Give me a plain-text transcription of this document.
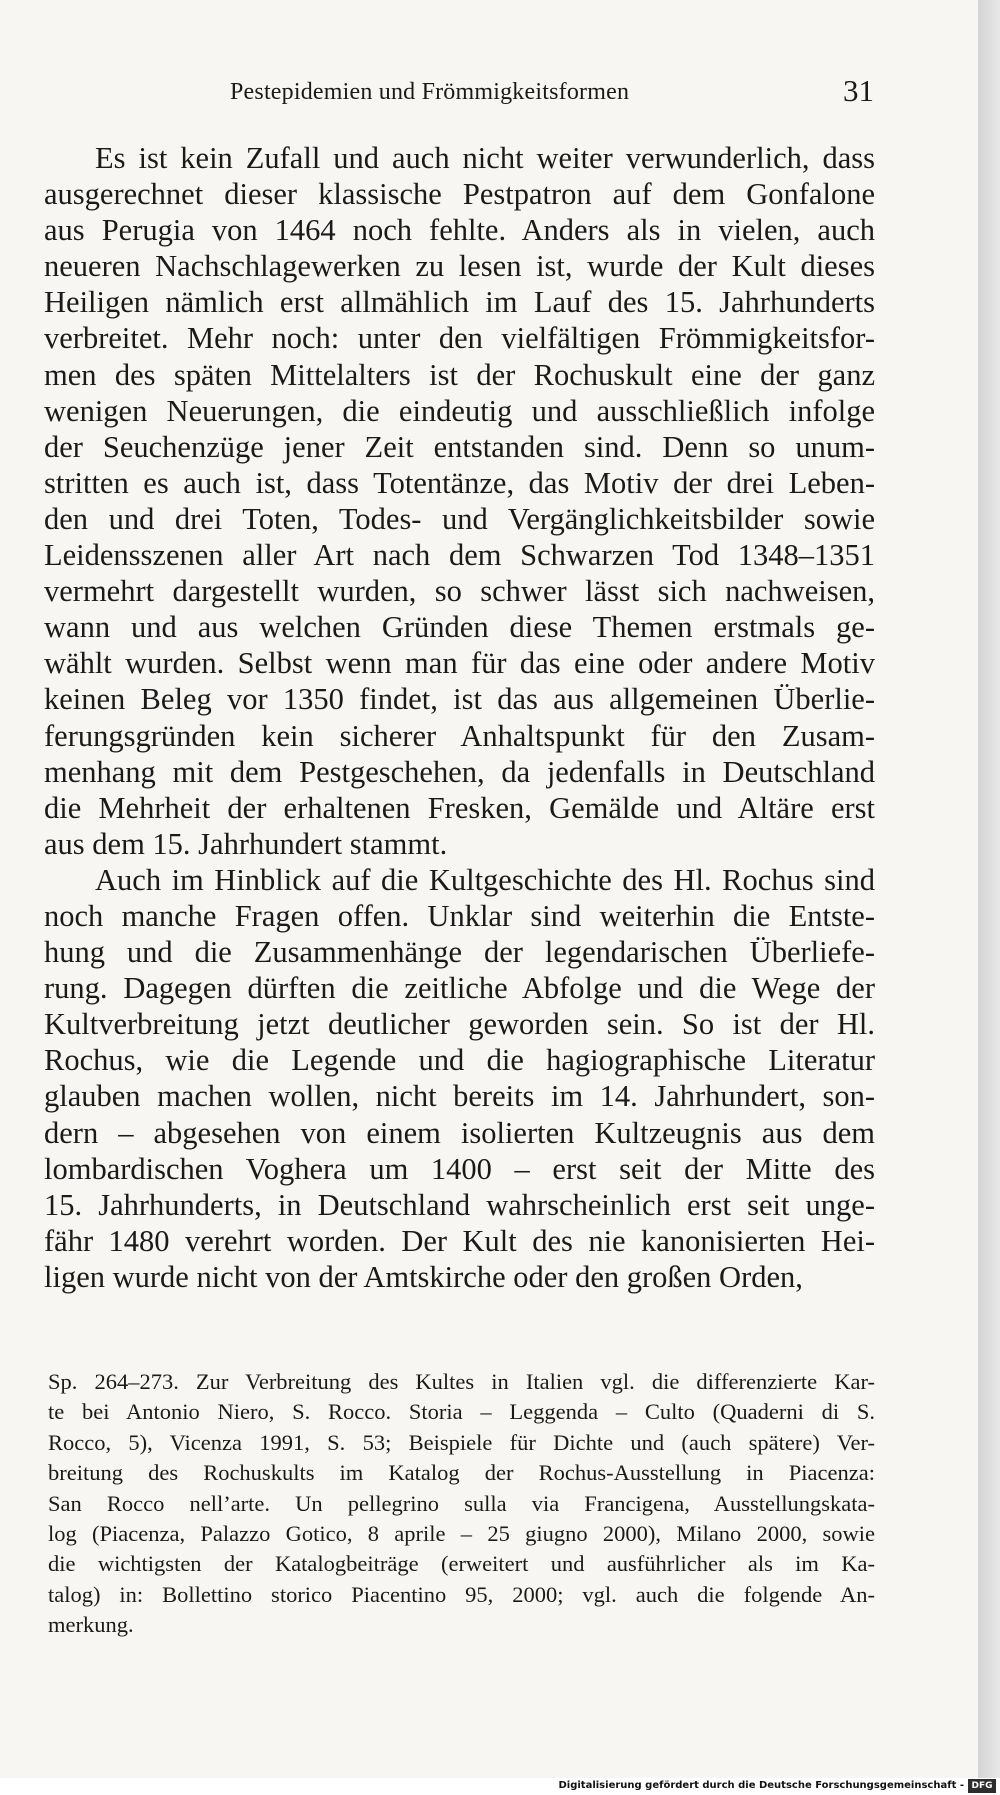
Pestepidemien und Frömmigkeitsformen	31

Es ist kein Zufall und auch nicht weiter verwunderlich, dass
ausgerechnet dieser klassische Pestpatron auf dem Gonfalone
aus Perugia von 1464 noch fehlte. Anders als in vielen, auch
neueren Nachschlagewerken zu lesen ist, wurde der Kult dieses
Heiligen nämlich erst allmählich im Lauf des 15. Jahrhunderts
verbreitet. Mehr noch: unter den vielfältigen Frömmigkeitsfor-
men des späten Mittelalters ist der Rochuskult eine der ganz
wenigen Neuerungen, die eindeutig und ausschließlich infolge
der Seuchenzüge jener Zeit entstanden sind. Denn so unum-
stritten es auch ist, dass Totentänze, das Motiv der drei Leben-
den und drei Toten, Todes- und Vergänglichkeitsbilder sowie
Leidensszenen aller Art nach dem Schwarzen Tod 1348–1351
vermehrt dargestellt wurden, so schwer lässt sich nachweisen,
wann und aus welchen Gründen diese Themen erstmals ge-
wählt wurden. Selbst wenn man für das eine oder andere Motiv
keinen Beleg vor 1350 findet, ist das aus allgemeinen Überlie-
ferungsgründen kein sicherer Anhaltspunkt für den Zusam-
menhang mit dem Pestgeschehen, da jedenfalls in Deutschland
die Mehrheit der erhaltenen Fresken, Gemälde und Altäre erst
aus dem 15. Jahrhundert stammt.

Auch im Hinblick auf die Kultgeschichte des Hl. Rochus sind
noch manche Fragen offen. Unklar sind weiterhin die Entste-
hung und die Zusammenhänge der legendarischen Überliefe-
rung. Dagegen dürften die zeitliche Abfolge und die Wege der
Kultverbreitung jetzt deutlicher geworden sein. So ist der Hl.
Rochus, wie die Legende und die hagiographische Literatur
glauben machen wollen, nicht bereits im 14. Jahrhundert, son-
dern – abgesehen von einem isolierten Kultzeugnis aus dem
lombardischen Voghera um 1400 – erst seit der Mitte des
15. Jahrhunderts, in Deutschland wahrscheinlich erst seit unge-
fähr 1480 verehrt worden. Der Kult des nie kanonisierten Hei-
ligen wurde nicht von der Amtskirche oder den großen Orden,

Sp. 264–273. Zur Verbreitung des Kultes in Italien vgl. die differenzierte Kar-
te bei Antonio Niero, S. Rocco. Storia – Leggenda – Culto (Quaderni di S.
Rocco, 5), Vicenza 1991, S. 53; Beispiele für Dichte und (auch spätere) Ver-
breitung des Rochuskults im Katalog der Rochus-Ausstellung in Piacenza:
San Rocco nell’arte. Un pellegrino sulla via Francigena, Ausstellungskata-
log (Piacenza, Palazzo Gotico, 8 aprile – 25 giugno 2000), Milano 2000, sowie
die wichtigsten der Katalogbeiträge (erweitert und ausführlicher als im Ka-
talog) in: Bollettino storico Piacentino 95, 2000; vgl. auch die folgende An-
merkung.

Digitalisierung gefördert durch die Deutsche Forschungsgemeinschaft - DFG
